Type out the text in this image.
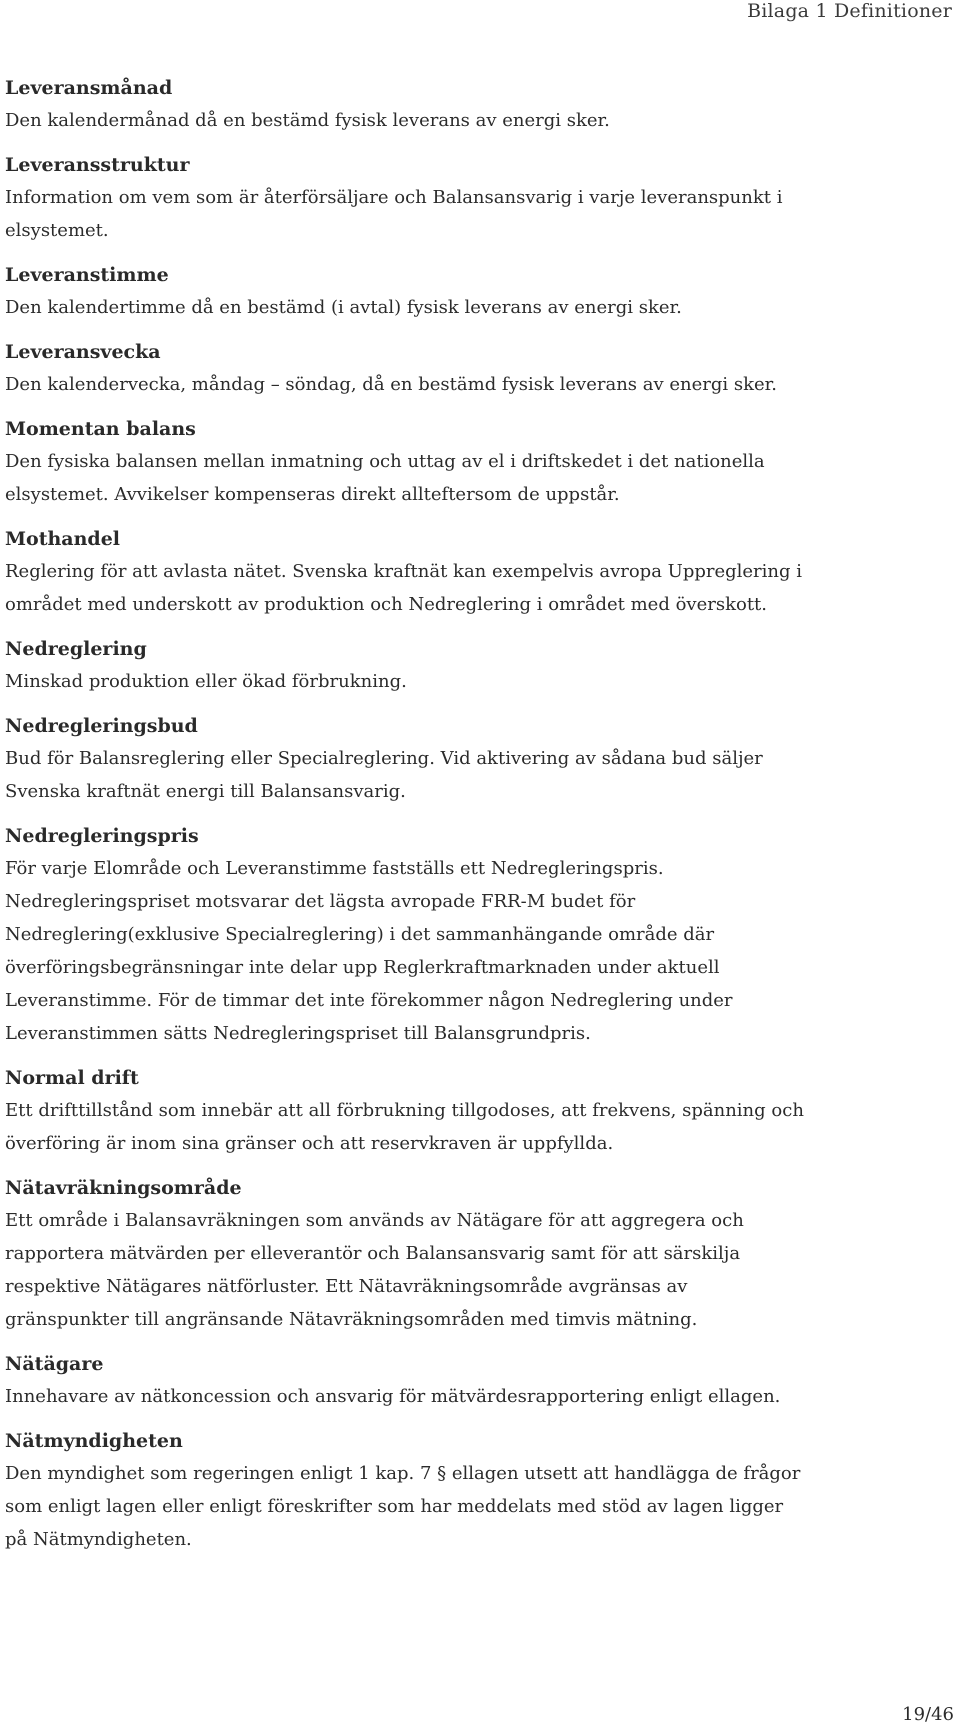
Bilaga 1 Definitioner
Leveransmånad
Den kalendermånad då en bestämd fysisk leverans av energi sker.
Leveransstruktur
Information om vem som är återförsäljare och Balansansvarig i varje leveranspunkt i elsystemet.
Leveranstimme
Den kalendertimme då en bestämd (i avtal) fysisk leverans av energi sker.
Leveransvecka
Den kalendervecka, måndag – söndag, då en bestämd fysisk leverans av energi sker.
Momentan balans
Den fysiska balansen mellan inmatning och uttag av el i driftskedet i det nationella elsystemet. Avvikelser kompenseras direkt allteftersom de uppstår.
Mothandel
Reglering för att avlasta nätet. Svenska kraftnät kan exempelvis avropa Uppreglering i området med underskott av produktion och Nedreglering i området med överskott.
Nedreglering
Minskad produktion eller ökad förbrukning.
Nedregleringsbud
Bud för Balansreglering eller Specialreglering. Vid aktivering av sådana bud säljer Svenska kraftnät energi till Balansansvarig.
Nedregleringspris
För varje Elområde och Leveranstimme fastställs ett Nedregleringspris. Nedregleringspriset motsvarar det lägsta avropade FRR-M budet för Nedreglering(exklusive Specialreglering) i det sammanhängande område där överföringsbegränsningar inte delar upp Reglerkraftmarknaden under aktuell Leveranstimme. För de timmar det inte förekommer någon Nedreglering under Leveranstimmen sätts Nedregleringspriset till Balansgrundpris.
Normal drift
Ett drifttillstånd som innebär att all förbrukning tillgodoses, att frekvens, spänning och överföring är inom sina gränser och att reservkraven är uppfyllda.
Nätavräkningsområde
Ett område i Balansavräkningen som används av Nätägare för att aggregera och rapportera mätvärden per elleverantör och Balansansvarig samt för att särskilja respektive Nätägares nätförluster. Ett Nätavräkningsområde avgränsas av gränspunkter till angränsande Nätavräkningsområden med timvis mätning.
Nätägare
Innehavare av nätkoncession och ansvarig för mätvärdesrapportering enligt ellagen.
Nätmyndigheten
Den myndighet som regeringen enligt 1 kap. 7 § ellagen utsett att handlägga de frågor som enligt lagen eller enligt föreskrifter som har meddelats med stöd av lagen ligger på Nätmyndigheten.
19/46
